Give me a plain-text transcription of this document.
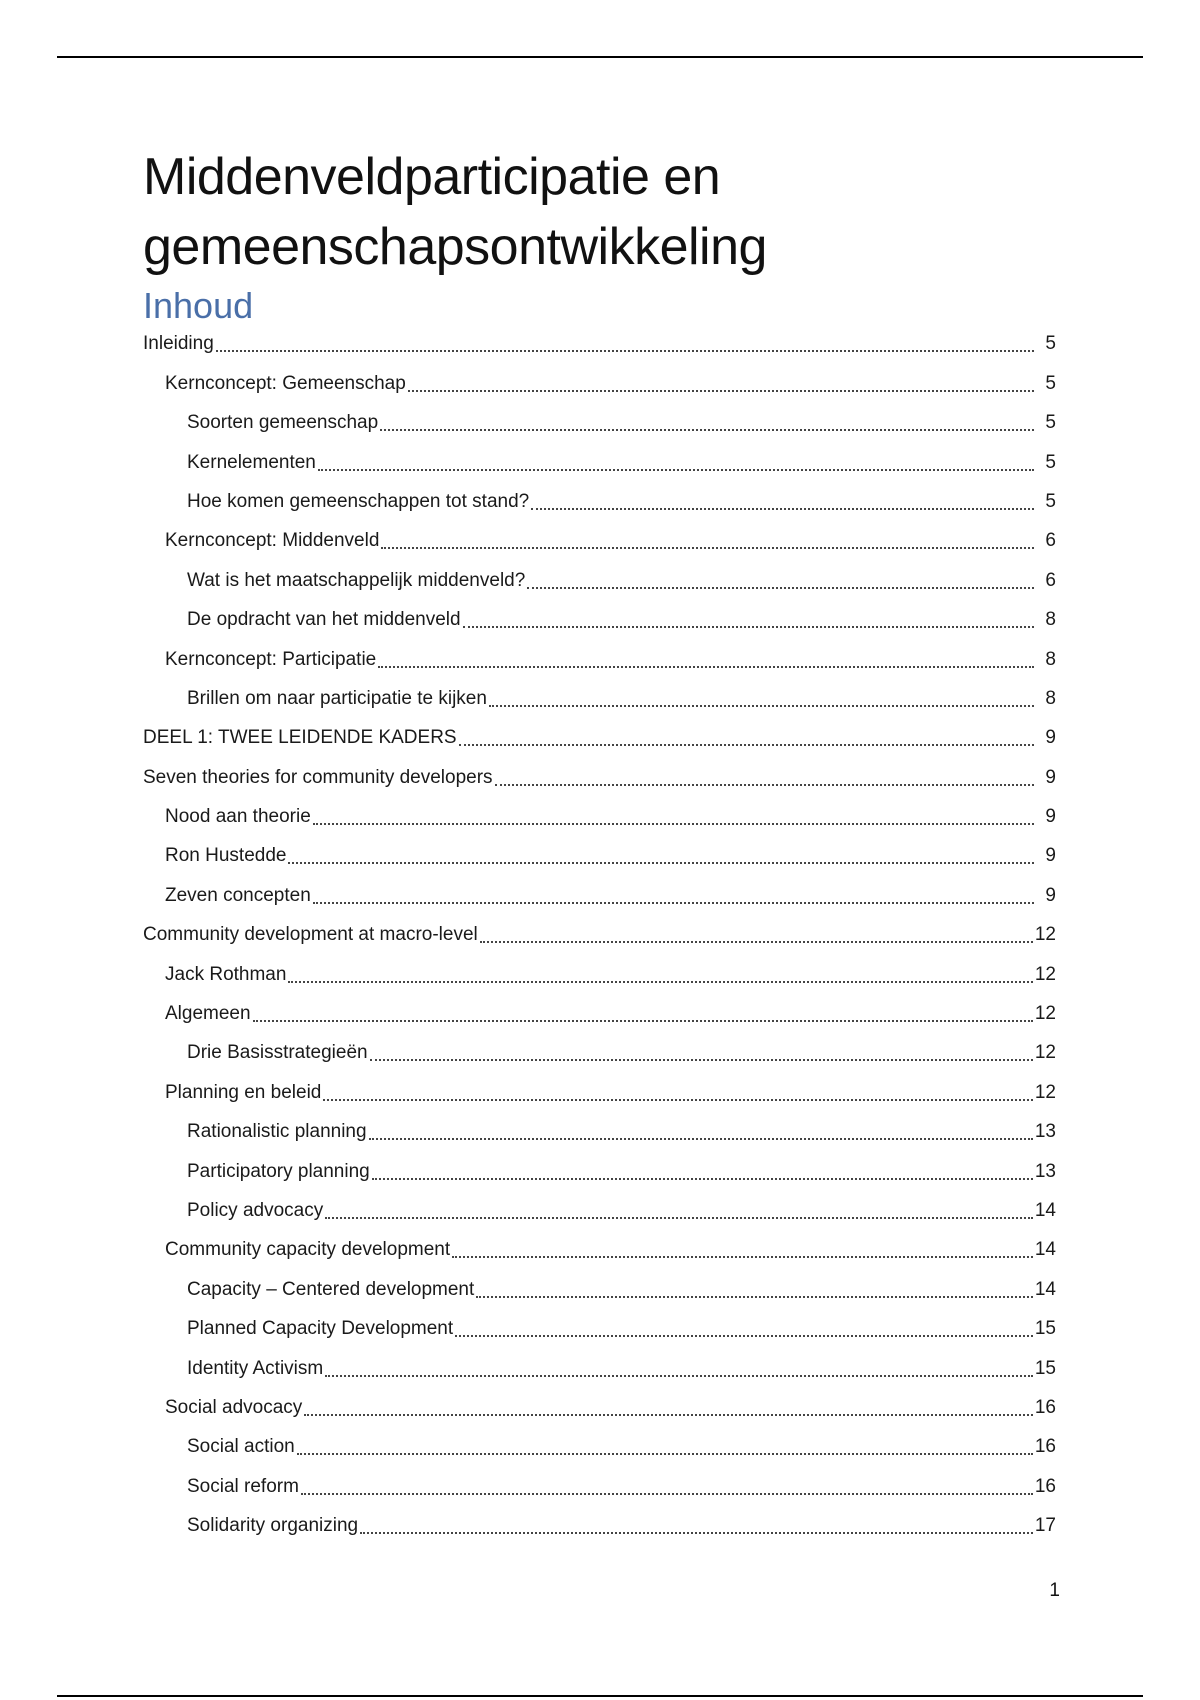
Middenveldparticipatie en
gemeenschapsontwikkeling
Inhoud
Inleiding	5
Kernconcept: Gemeenschap	5
Soorten gemeenschap	5
Kernelementen	5
Hoe komen gemeenschappen tot stand?	5
Kernconcept: Middenveld	6
Wat is het maatschappelijk middenveld?	6
De opdracht van het middenveld	8
Kernconcept: Participatie	8
Brillen om naar participatie te kijken	8
DEEL 1: TWEE LEIDENDE KADERS	9
Seven theories for community developers	9
Nood aan theorie	9
Ron Hustedde	9
Zeven concepten	9
Community development at macro-level	12
Jack Rothman	12
Algemeen	12
Drie Basisstrategieën	12
Planning en beleid	12
Rationalistic planning	13
Participatory planning	13
Policy advocacy	14
Community capacity development	14
Capacity – Centered development	14
Planned Capacity Development	15
Identity Activism	15
Social advocacy	16
Social action	16
Social reform	16
Solidarity organizing	17
1
